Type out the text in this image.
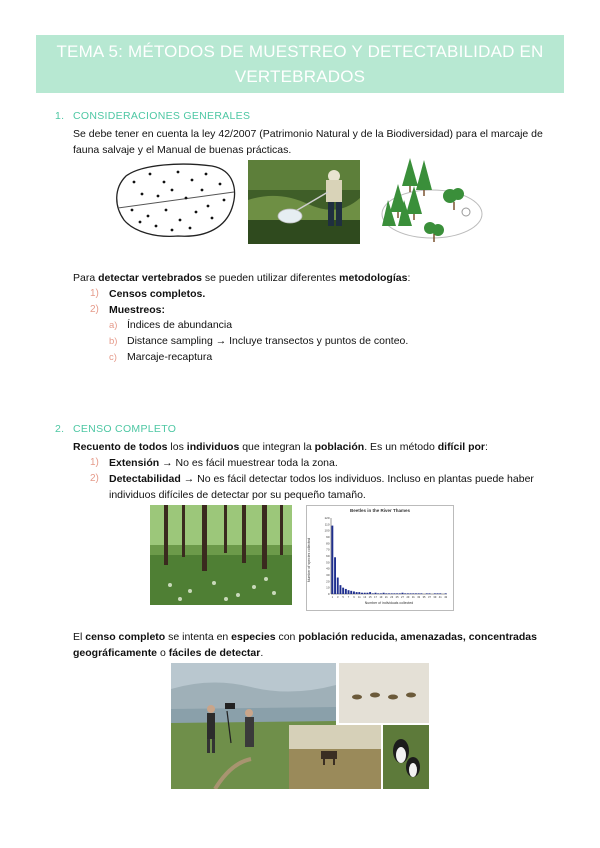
TEMA 5: MÉTODOS DE MUESTREO Y DETECTABILIDAD EN VERTEBRADOS
1. CONSIDERACIONES GENERALES
Se debe tener en cuenta la ley 42/2007 (Patrimonio Natural y de la Biodiversidad) para el marcaje de fauna salvaje y el Manual de buenas prácticas.
Para detectar vertebrados se pueden utilizar diferentes metodologías:
1) Censos completos.
2) Muestreos:
a) Índices de abundancia
b) Distance sampling → Incluye transectos y puntos de conteo.
c) Marcaje-recaptura
2. CENSO COMPLETO
Recuento de todos los individuos que integran la población. Es un método difícil por:
1) Extensión → No es fácil muestrear toda la zona.
2) Detectabilidad → No es fácil detectar todos los individuos. Incluso en plantas puede haber individuos difíciles de detectar por su pequeño tamaño.
Beetles in the River Thames
Number of species collected
Number of individuals collected
0
10
20
30
40
50
60
70
80
90
100
110
120
1 3 5 7 9 11 13 15 17 19 21 23 25 27 29 31 33 35 37 39 41 43
El censo completo se intenta en especies con población reducida, amenazadas, concentradas geográficamente o fáciles de detectar.
